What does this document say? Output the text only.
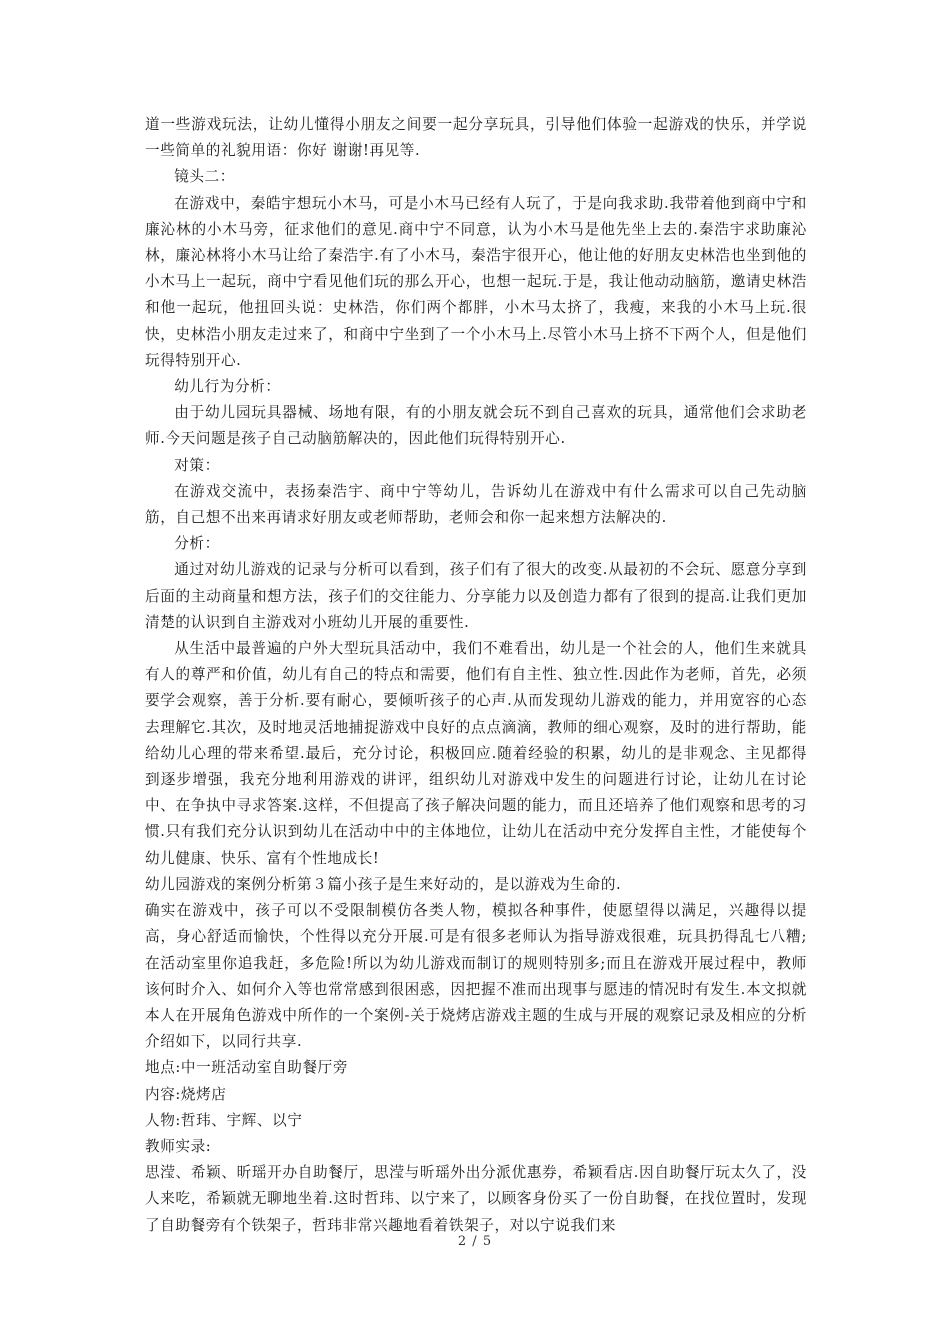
道一些游戏玩法，让幼儿懂得小朋友之间要一起分享玩具，引导他们体验一起游戏的快乐，并学说一些简单的礼貌用语：你好 谢谢!再见等.

镜头二：

在游戏中，秦皓宇想玩小木马，可是小木马已经有人玩了，于是向我求助.我带着他到商中宁和廉沁林的小木马旁，征求他们的意见.商中宁不同意，认为小木马是他先坐上去的.秦浩宇求助廉沁林，廉沁林将小木马让给了秦浩宇.有了小木马，秦浩宇很开心，他让他的好朋友史林浩也坐到他的小木马上一起玩，商中宁看见他们玩的那么开心，也想一起玩.于是，我让他动动脑筋，邀请史林浩和他一起玩，他扭回头说：史林浩，你们两个都胖，小木马太挤了，我瘦，来我的小木马上玩.很快，史林浩小朋友走过来了，和商中宁坐到了一个小木马上.尽管小木马上挤不下两个人，但是他们玩得特别开心.

幼儿行为分析：

由于幼儿园玩具器械、场地有限，有的小朋友就会玩不到自己喜欢的玩具，通常他们会求助老师.今天问题是孩子自己动脑筋解决的，因此他们玩得特别开心.

对策：

在游戏交流中，表扬秦浩宇、商中宁等幼儿，告诉幼儿在游戏中有什么需求可以自己先动脑筋，自己想不出来再请求好朋友或老师帮助，老师会和你一起来想方法解决的.

分析：

通过对幼儿游戏的记录与分析可以看到，孩子们有了很大的改变.从最初的不会玩、愿意分享到后面的主动商量和想方法，孩子们的交往能力、分享能力以及创造力都有了很到的提高.让我们更加清楚的认识到自主游戏对小班幼儿开展的重要性.

从生活中最普遍的户外大型玩具活动中，我们不难看出，幼儿是一个社会的人，他们生来就具有人的尊严和价值，幼儿有自己的特点和需要，他们有自主性、独立性.因此作为老师，首先，必须要学会观察，善于分析.要有耐心，要倾听孩子的心声.从而发现幼儿游戏的能力，并用宽容的心态去理解它.其次，及时地灵活地捕捉游戏中良好的点点滴滴，教师的细心观察，及时的进行帮助，能给幼儿心理的带来希望.最后，充分讨论，积极回应.随着经验的积累，幼儿的是非观念、主见都得到逐步增强，我充分地利用游戏的讲评，组织幼儿对游戏中发生的问题进行讨论，让幼儿在讨论中、在争执中寻求答案.这样，不但提高了孩子解决问题的能力，而且还培养了他们观察和思考的习惯.只有我们充分认识到幼儿在活动中中的主体地位，让幼儿在活动中充分发挥自主性，才能使每个幼儿健康、快乐、富有个性地成长!

幼儿园游戏的案例分析第３篇小孩子是生来好动的，是以游戏为生命的.

确实在游戏中，孩子可以不受限制模仿各类人物，模拟各种事件，使愿望得以满足，兴趣得以提高，身心舒适而愉快，个性得以充分开展.可是有很多老师认为指导游戏很难，玩具扔得乱七八糟;在活动室里你追我赶，多危险!所以为幼儿游戏而制订的规则特别多;而且在游戏开展过程中，教师该何时介入、如何介入等也常常感到很困惑，因把握不准而出现事与愿违的情况时有发生.本文拟就本人在开展角色游戏中所作的一个案例-关于烧烤店游戏主题的生成与开展的观察记录及相应的分析介绍如下，以同行共享.

地点:中一班活动室自助餐厅旁

内容:烧烤店

人物:哲玮、宇辉、以宁

教师实录:

思滢、希颖、昕瑶开办自助餐厅，思滢与昕瑶外出分派优惠券，希颖看店.因自助餐厅玩太久了，没人来吃，希颖就无聊地坐着.这时哲玮、以宁来了，以顾客身份买了一份自助餐，在找位置时，发现了自助餐旁有个铁架子，哲玮非常兴趣地看着铁架子，对以宁说我们来

2 / 5
